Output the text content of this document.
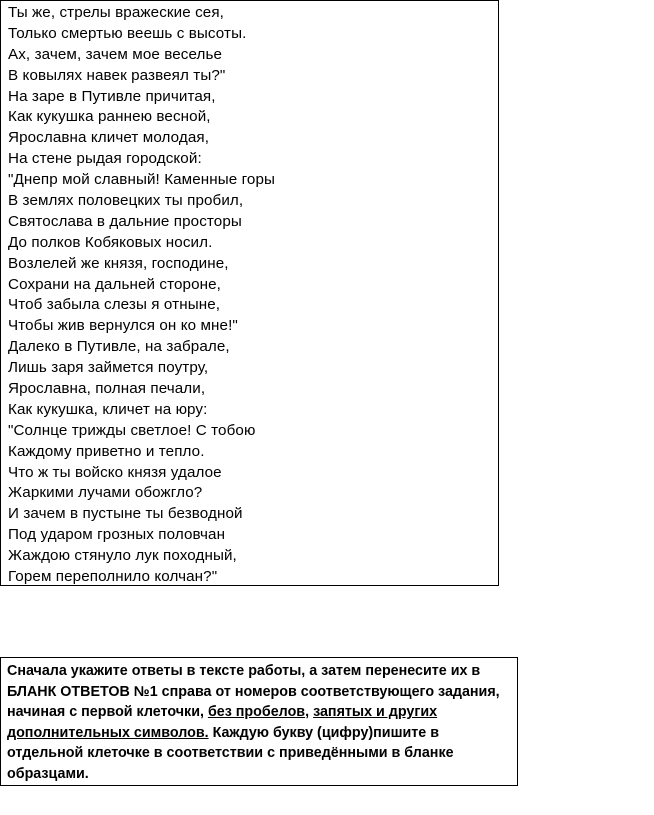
Ты же, стрелы вражеские сея,
Только смертью веешь с высоты.
Ах, зачем, зачем мое веселье
В ковылях навек развеял ты?"
На заре в Путивле причитая,
Как кукушка раннею весной,
Ярославна кличет молодая,
На стене рыдая городской:
"Днепр мой славный! Каменные горы
В землях половецких ты пробил,
Святослава в дальние просторы
До полков Кобяковых носил.
Возлелей же князя, господине,
Сохрани на дальней стороне,
Чтоб забыла слезы я отныне,
Чтобы жив вернулся он ко мне!"
Далеко в Путивле, на забрале,
Лишь заря займется поутру,
Ярославна, полная печали,
Как кукушка, кличет на юру:
"Солнце трижды светлое! С тобою
Каждому приветно и тепло.
Что ж ты войско князя удалое
Жаркими лучами обожгло?
И зачем в пустыне ты безводной
Под ударом грозных половчан
Жаждою стянуло лук походный,
Горем переполнило колчан?"
Сначала укажите ответы в тексте работы, а затем перенесите их в БЛАНК ОТВЕТОВ №1 справа от номеров соответствующего задания, начиная с первой клеточки, без пробелов, запятых и других дополнительных символов. Каждую букву (цифру)пишите в отдельной клеточке в соответствии с приведёнными в бланке образцами.
